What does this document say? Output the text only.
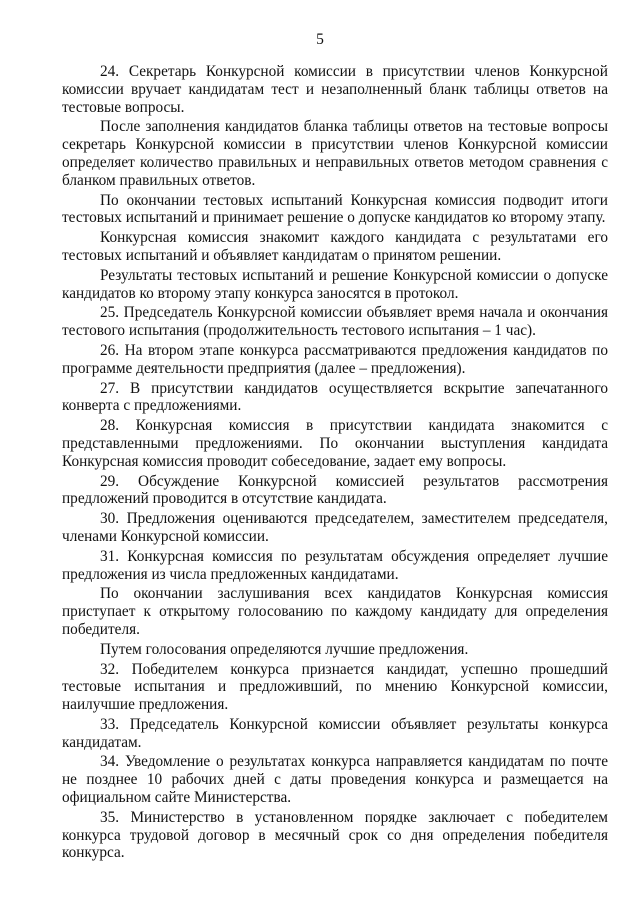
5

24. Секретарь Конкурсной комиссии в присутствии членов Конкурсной комиссии вручает кандидатам тест и незаполненный бланк таблицы ответов на тестовые вопросы.

После заполнения кандидатов бланка таблицы ответов на тестовые вопросы секретарь Конкурсной комиссии в присутствии членов Конкурсной комиссии определяет количество правильных и неправильных ответов методом сравнения с бланком правильных ответов.

По окончании тестовых испытаний Конкурсная комиссия подводит итоги тестовых испытаний и принимает решение о допуске кандидатов ко второму этапу.

Конкурсная комиссия знакомит каждого кандидата с результатами его тестовых испытаний и объявляет кандидатам о принятом решении.

Результаты тестовых испытаний и решение Конкурсной комиссии о допуске кандидатов ко второму этапу конкурса заносятся в протокол.

25. Председатель Конкурсной комиссии объявляет время начала и окончания тестового испытания (продолжительность тестового испытания – 1 час).

26. На втором этапе конкурса рассматриваются предложения кандидатов по программе деятельности предприятия (далее – предложения).

27. В присутствии кандидатов осуществляется вскрытие запечатанного конверта с предложениями.

28. Конкурсная комиссия в присутствии кандидата знакомится с представленными предложениями. По окончании выступления кандидата Конкурсная комиссия проводит собеседование, задает ему вопросы.

29. Обсуждение Конкурсной комиссией результатов рассмотрения предложений проводится в отсутствие кандидата.

30. Предложения оцениваются председателем, заместителем председателя, членами Конкурсной комиссии.

31. Конкурсная комиссия по результатам обсуждения определяет лучшие предложения из числа предложенных кандидатами.

По окончании заслушивания всех кандидатов Конкурсная комиссия приступает к открытому голосованию по каждому кандидату для определения победителя.

Путем голосования определяются лучшие предложения.

32. Победителем конкурса признается кандидат, успешно прошедший тестовые испытания и предложивший, по мнению Конкурсной комиссии, наилучшие предложения.

33. Председатель Конкурсной комиссии объявляет результаты конкурса кандидатам.

34. Уведомление о результатах конкурса направляется кандидатам по почте не позднее 10 рабочих дней с даты проведения конкурса и размещается на официальном сайте Министерства.

35. Министерство в установленном порядке заключает с победителем конкурса трудовой договор в месячный срок со дня определения победителя конкурса.
